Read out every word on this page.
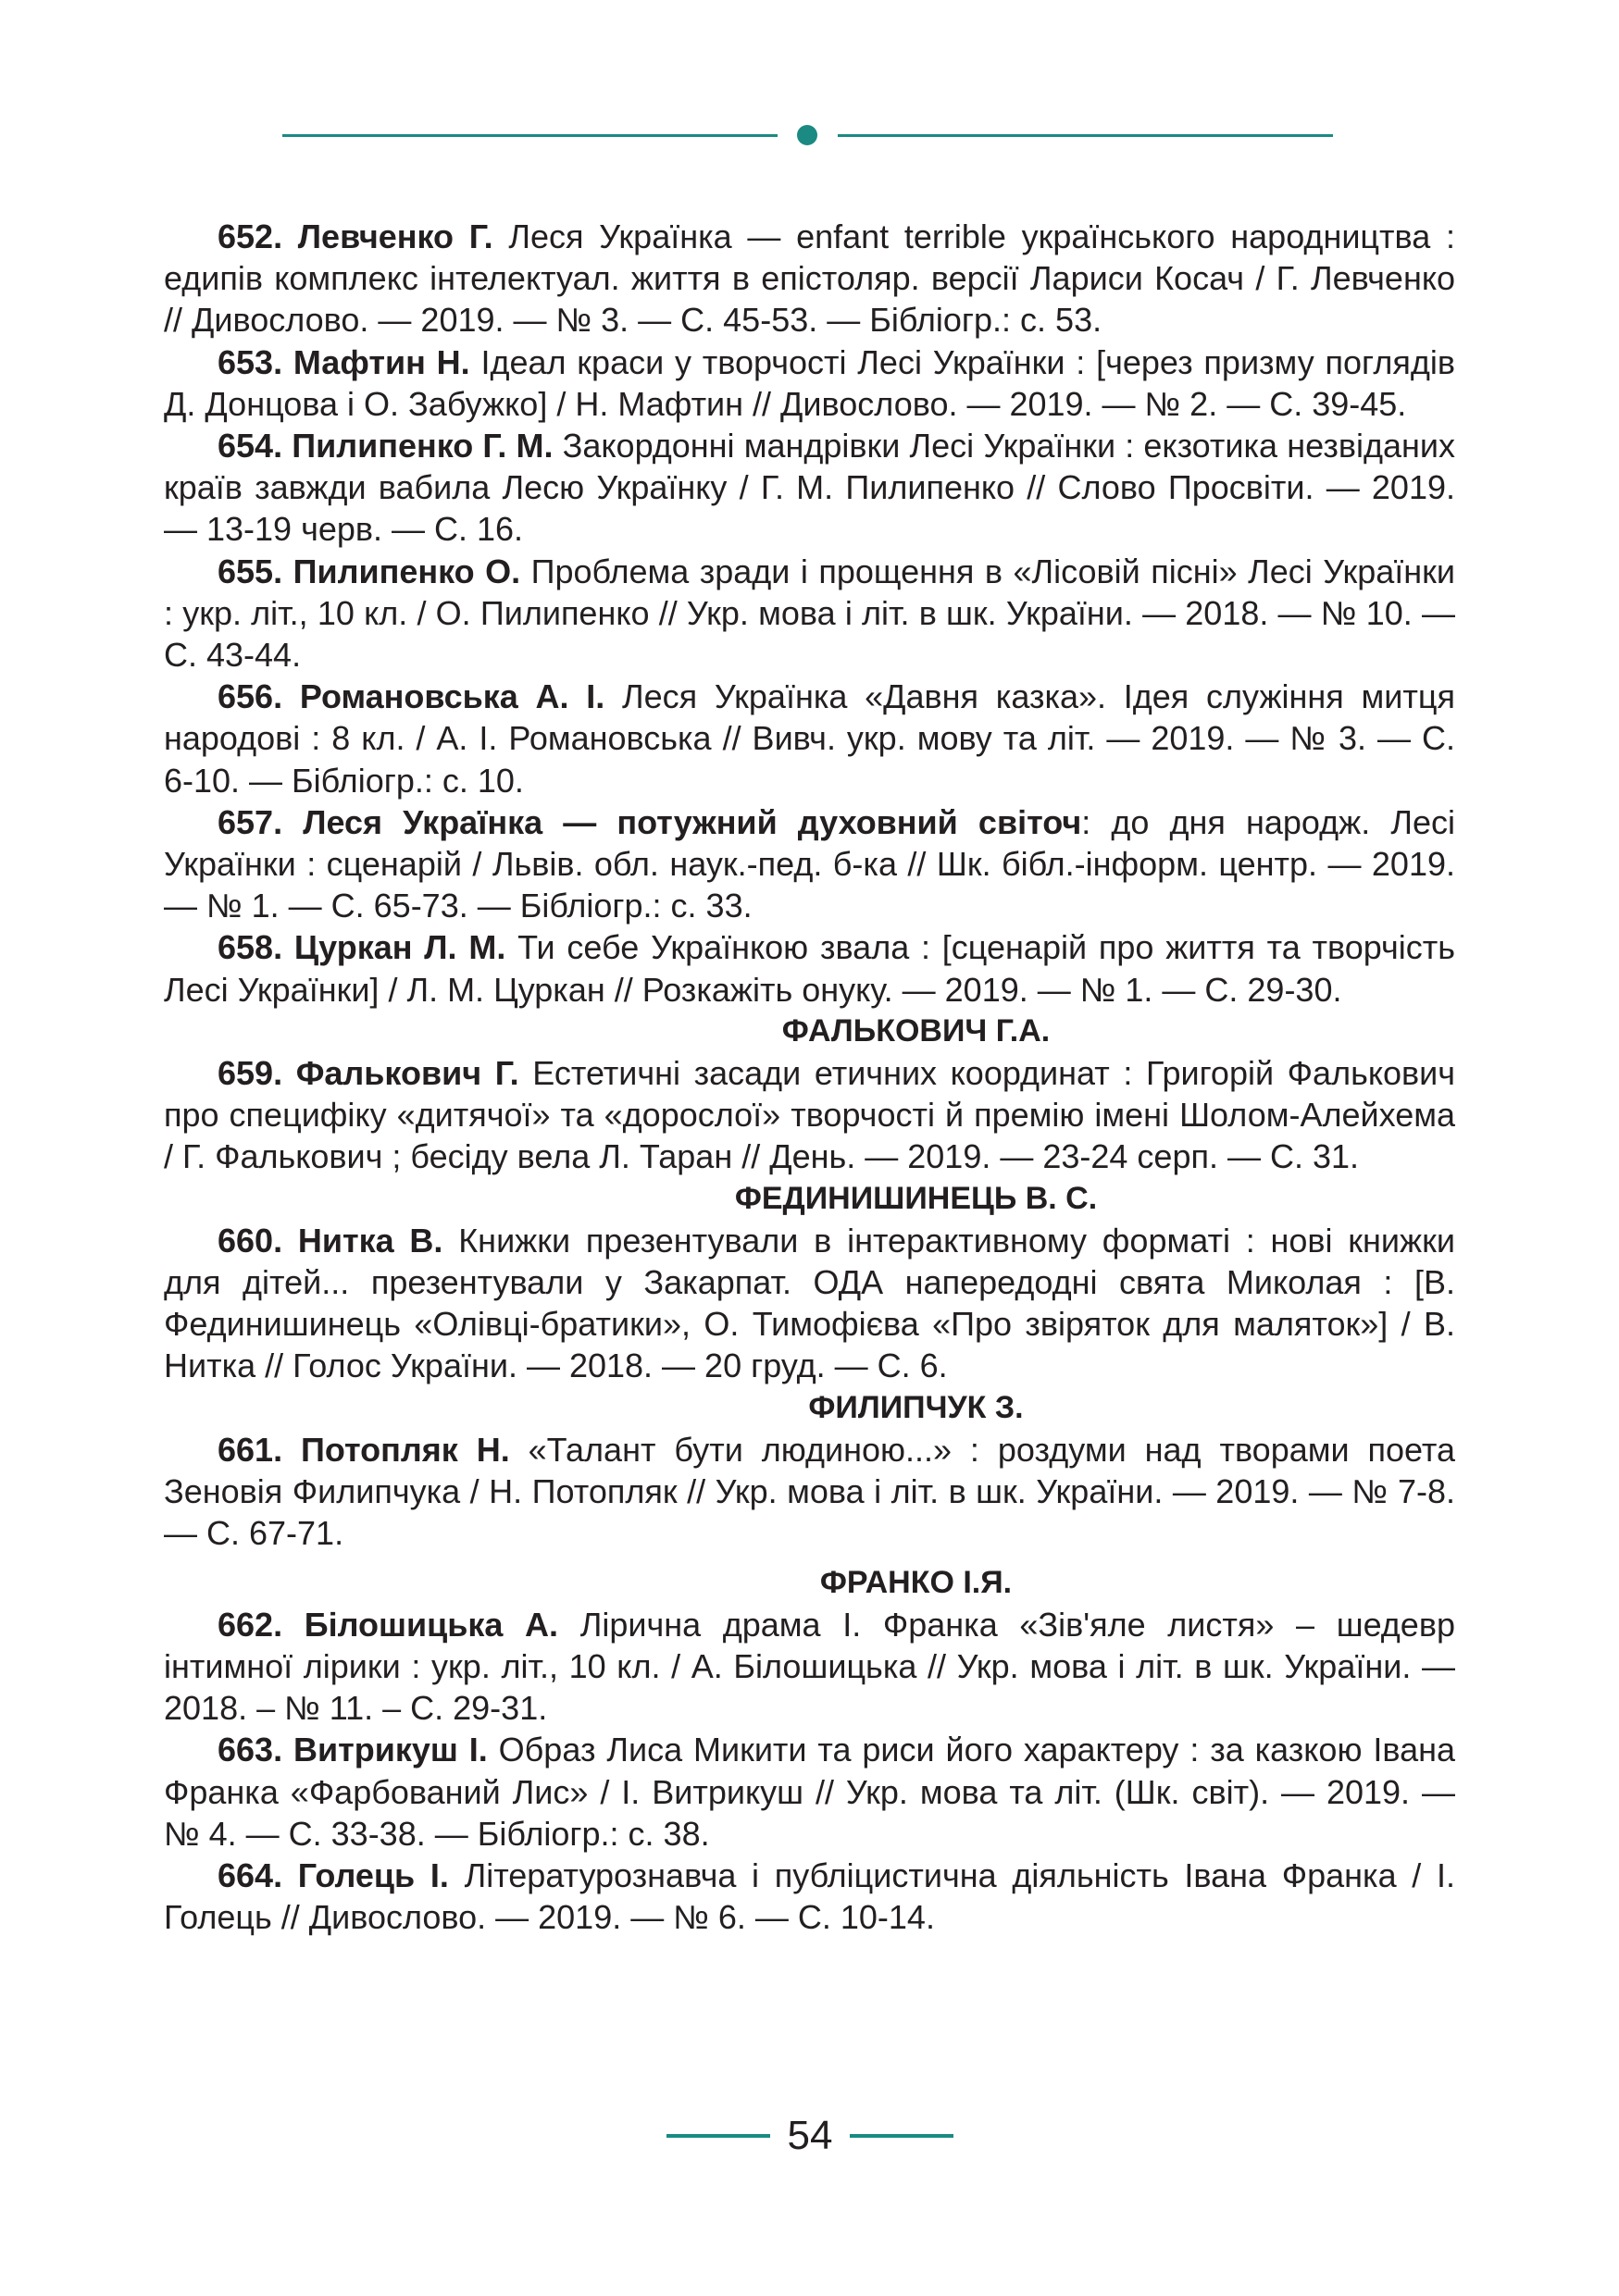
652. Левченко Г. Леся Українка — enfant terrible українського народництва : едипів комплекс інтелектуал. життя в епістоляр. версії Лариси Косач / Г. Левченко // Дивослово. — 2019. — № 3. — С. 45-53. — Бібліогр.: с. 53.

653. Мафтин Н. Ідеал краси у творчості Лесі Українки : [через призму поглядів Д. Донцова і О. Забужко] / Н. Мафтин // Дивослово. — 2019. — № 2. — С. 39-45.

654. Пилипенко Г. М. Закордонні мандрівки Лесі Українки : екзотика незвіданих країв завжди вабила Лесю Українку / Г. М. Пилипенко // Слово Просвіти. — 2019. — 13-19 черв. — С. 16.

655. Пилипенко О. Проблема зради і прощення в «Лісовій пісні» Лесі Українки : укр. літ., 10 кл. / О. Пилипенко // Укр. мова і літ. в шк. України. — 2018. — № 10. — С. 43-44.

656. Романовська А. І. Леся Українка «Давня казка». Ідея служіння митця народові : 8 кл. / А. І. Романовська // Вивч. укр. мову та літ. — 2019. — № 3. — С. 6-10. — Бібліогр.: с. 10.

657. Леся Українка — потужний духовний світоч: до дня народж. Лесі Українки : сценарій / Львів. обл. наук.-пед. б-ка // Шк. бібл.-інформ. центр. — 2019. — № 1. — С. 65-73. — Бібліогр.: с. 33.

658. Цуркан Л. М. Ти себе Українкою звала : [сценарій про життя та творчість Лесі Українки] / Л. М. Цуркан // Розкажіть онуку. — 2019. — № 1. — С. 29-30.

ФАЛЬКОВИЧ Г.А.

659. Фалькович Г. Естетичні засади етичних координат : Григорій Фалькович про специфіку «дитячої» та «дорослої» творчості й премію імені Шолом-Алейхема / Г. Фалькович ; бесіду вела Л. Таран // День. — 2019. — 23-24 серп. — С. 31.

ФЕДИНИШИНЕЦЬ В. С.

660. Нитка В. Книжки презентували в інтерактивному форматі : нові книжки для дітей... презентували у Закарпат. ОДА напередодні свята Миколая : [В. Фединишинець «Олівці-братики», О. Тимофієва «Про звіряток для маляток»] / В. Нитка // Голос України. — 2018. — 20 груд. — С. 6.

ФИЛИПЧУК З.

661. Потопляк Н. «Талант бути людиною...» : роздуми над творами поета Зеновія Филипчука / Н. Потопляк // Укр. мова і літ. в шк. України. — 2019. — № 7-8. — С. 67-71.

ФРАНКО І.Я.

662. Білошицька А. Лірична драма І. Франка «Зів'яле листя» – шедевр інтимної лірики : укр. літ., 10 кл. / А. Білошицька // Укр. мова і літ. в шк. України. — 2018. – № 11. – С. 29-31.

663. Витрикуш І. Образ Лиса Микити та риси його характеру : за казкою Івана Франка «Фарбований Лис» / І. Витрикуш // Укр. мова та літ. (Шк. світ). — 2019. — № 4. — С. 33-38. — Бібліогр.: с. 38.

664. Голець І. Літературознавча і публіцистична діяльність Івана Франка / І. Голець // Дивослово. — 2019. — № 6. — С. 10-14.

54
